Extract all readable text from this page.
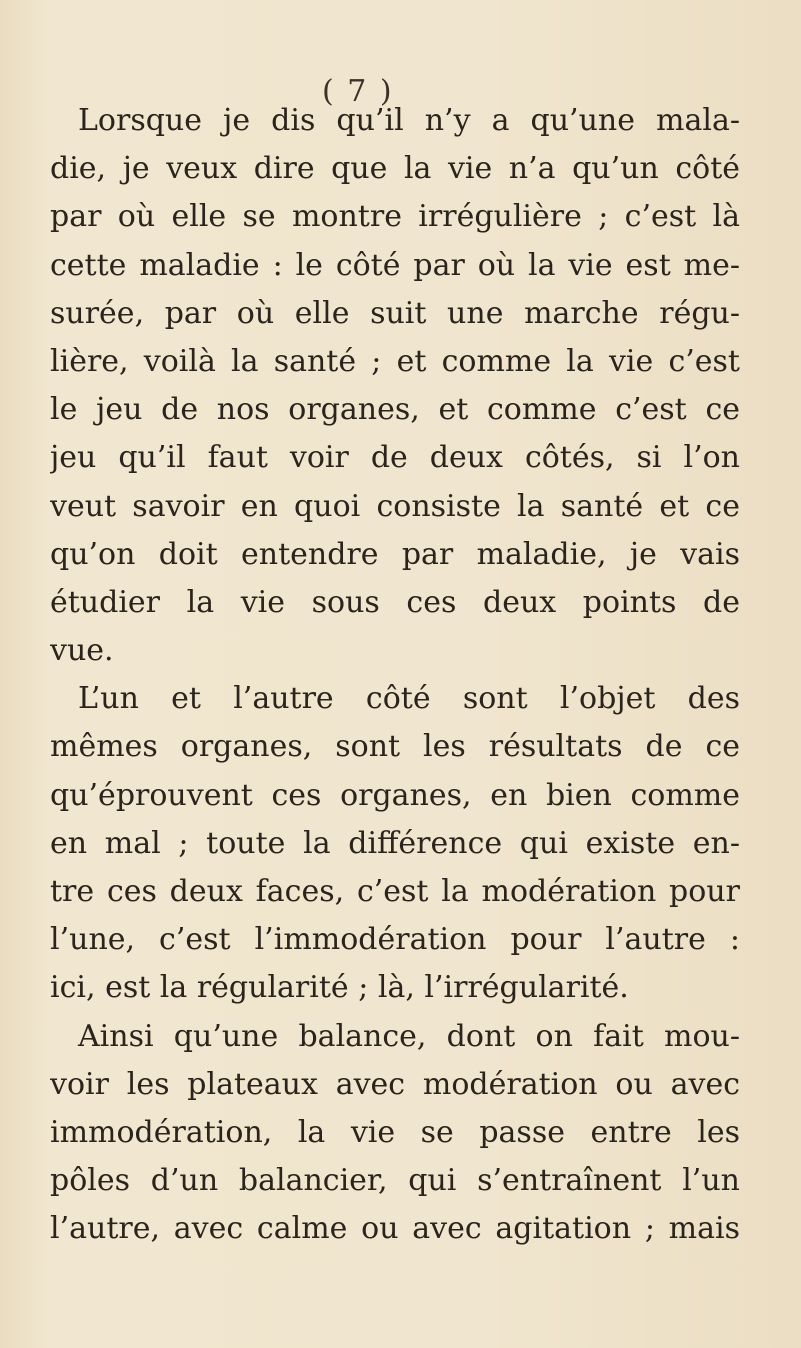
( 7 )
Lorsque je dis qu’il n’y a qu’une mala-
die, je veux dire que la vie n’a qu’un côté
par où elle se montre irrégulière ; c’est là
cette maladie : le côté par où la vie est me-
surée, par où elle suit une marche régu-
lière, voilà la santé ; et comme la vie c’est
le jeu de nos organes, et comme c’est ce
jeu qu’il faut voir de deux côtés, si l’on
veut savoir en quoi consiste la santé et ce
qu’on doit entendre par maladie, je vais
étudier la vie sous ces deux points de
vue.
L’un et l’autre côté sont l’objet des
mêmes organes, sont les résultats de ce
qu’éprouvent ces organes, en bien comme
en mal ; toute la différence qui existe en-
tre ces deux faces, c’est la modération pour
l’une, c’est l’immodération pour l’autre :
ici, est la régularité ; là, l’irrégularité.
Ainsi qu’une balance, dont on fait mou-
voir les plateaux avec modération ou avec
immodération, la vie se passe entre les
pôles d’un balancier, qui s’entraînent l’un
l’autre, avec calme ou avec agitation ; mais
